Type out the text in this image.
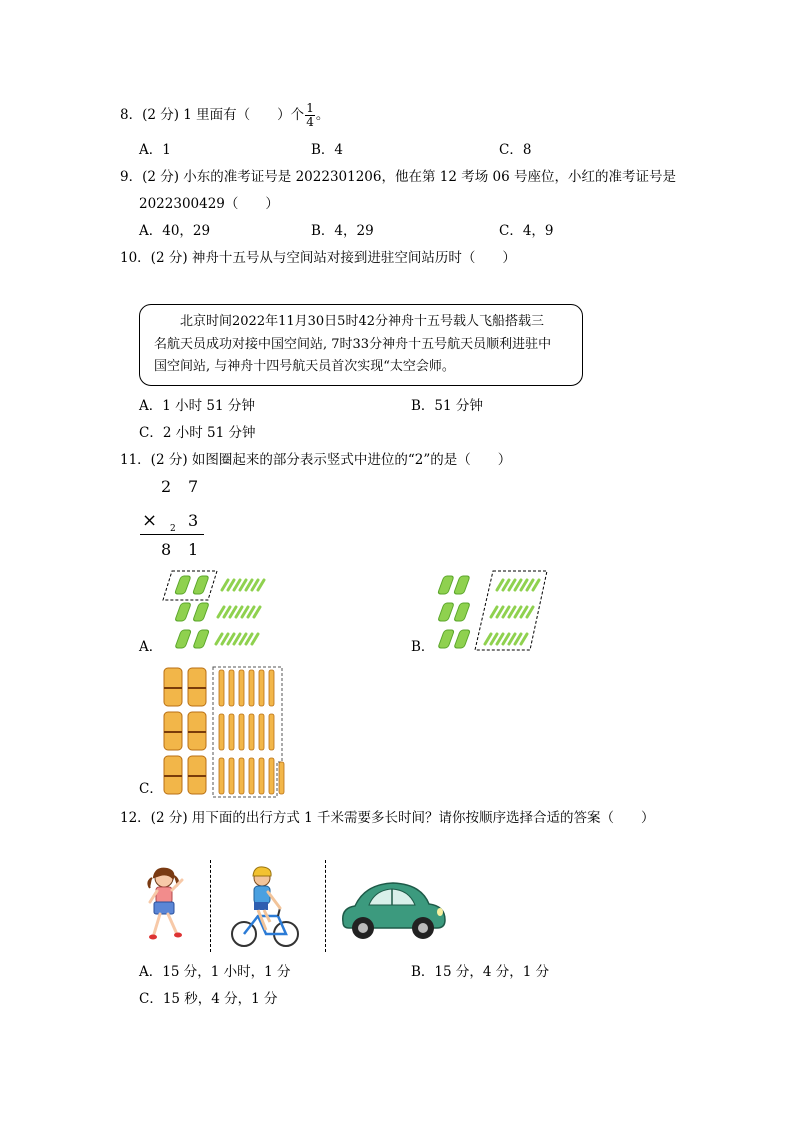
8．(2 分) 1 里面有（　　）个 $\frac{1}{4}$ 。
A．1	B．4	C．8
9．(2 分) 小东的准考证号是 2022301206，他在第 12 考场 06 号座位，小红的准考证号是
2022300429（　　）
A．40，29	B．4，29	C．4，9
10．(2 分) 神舟十五号从与空间站对接到进驻空间站历时（　　）

北京时间2022年11月30日5时42分神舟十五号载人飞船搭载三

名航天员成功对接中国空间站, 7时33分神舟十五号航天员顺利进驻中

国空间站, 与神舟十四号航天员首次实现“太空会师。

A．1 小时 51 分钟	B．51 分钟
C．2 小时 51 分钟
11．(2 分) 如图圈起来的部分表示竖式中进位的“2”的是（　　）
2 7
× 2 3
8 1
A．	B．
C．
12．(2 分) 用下面的出行方式 1 千米需要多长时间？请你按顺序选择合适的答案（　　）
A．15 分，1 小时，1 分	B．15 分，4 分，1 分
C．15 秒，4 分，1 分
